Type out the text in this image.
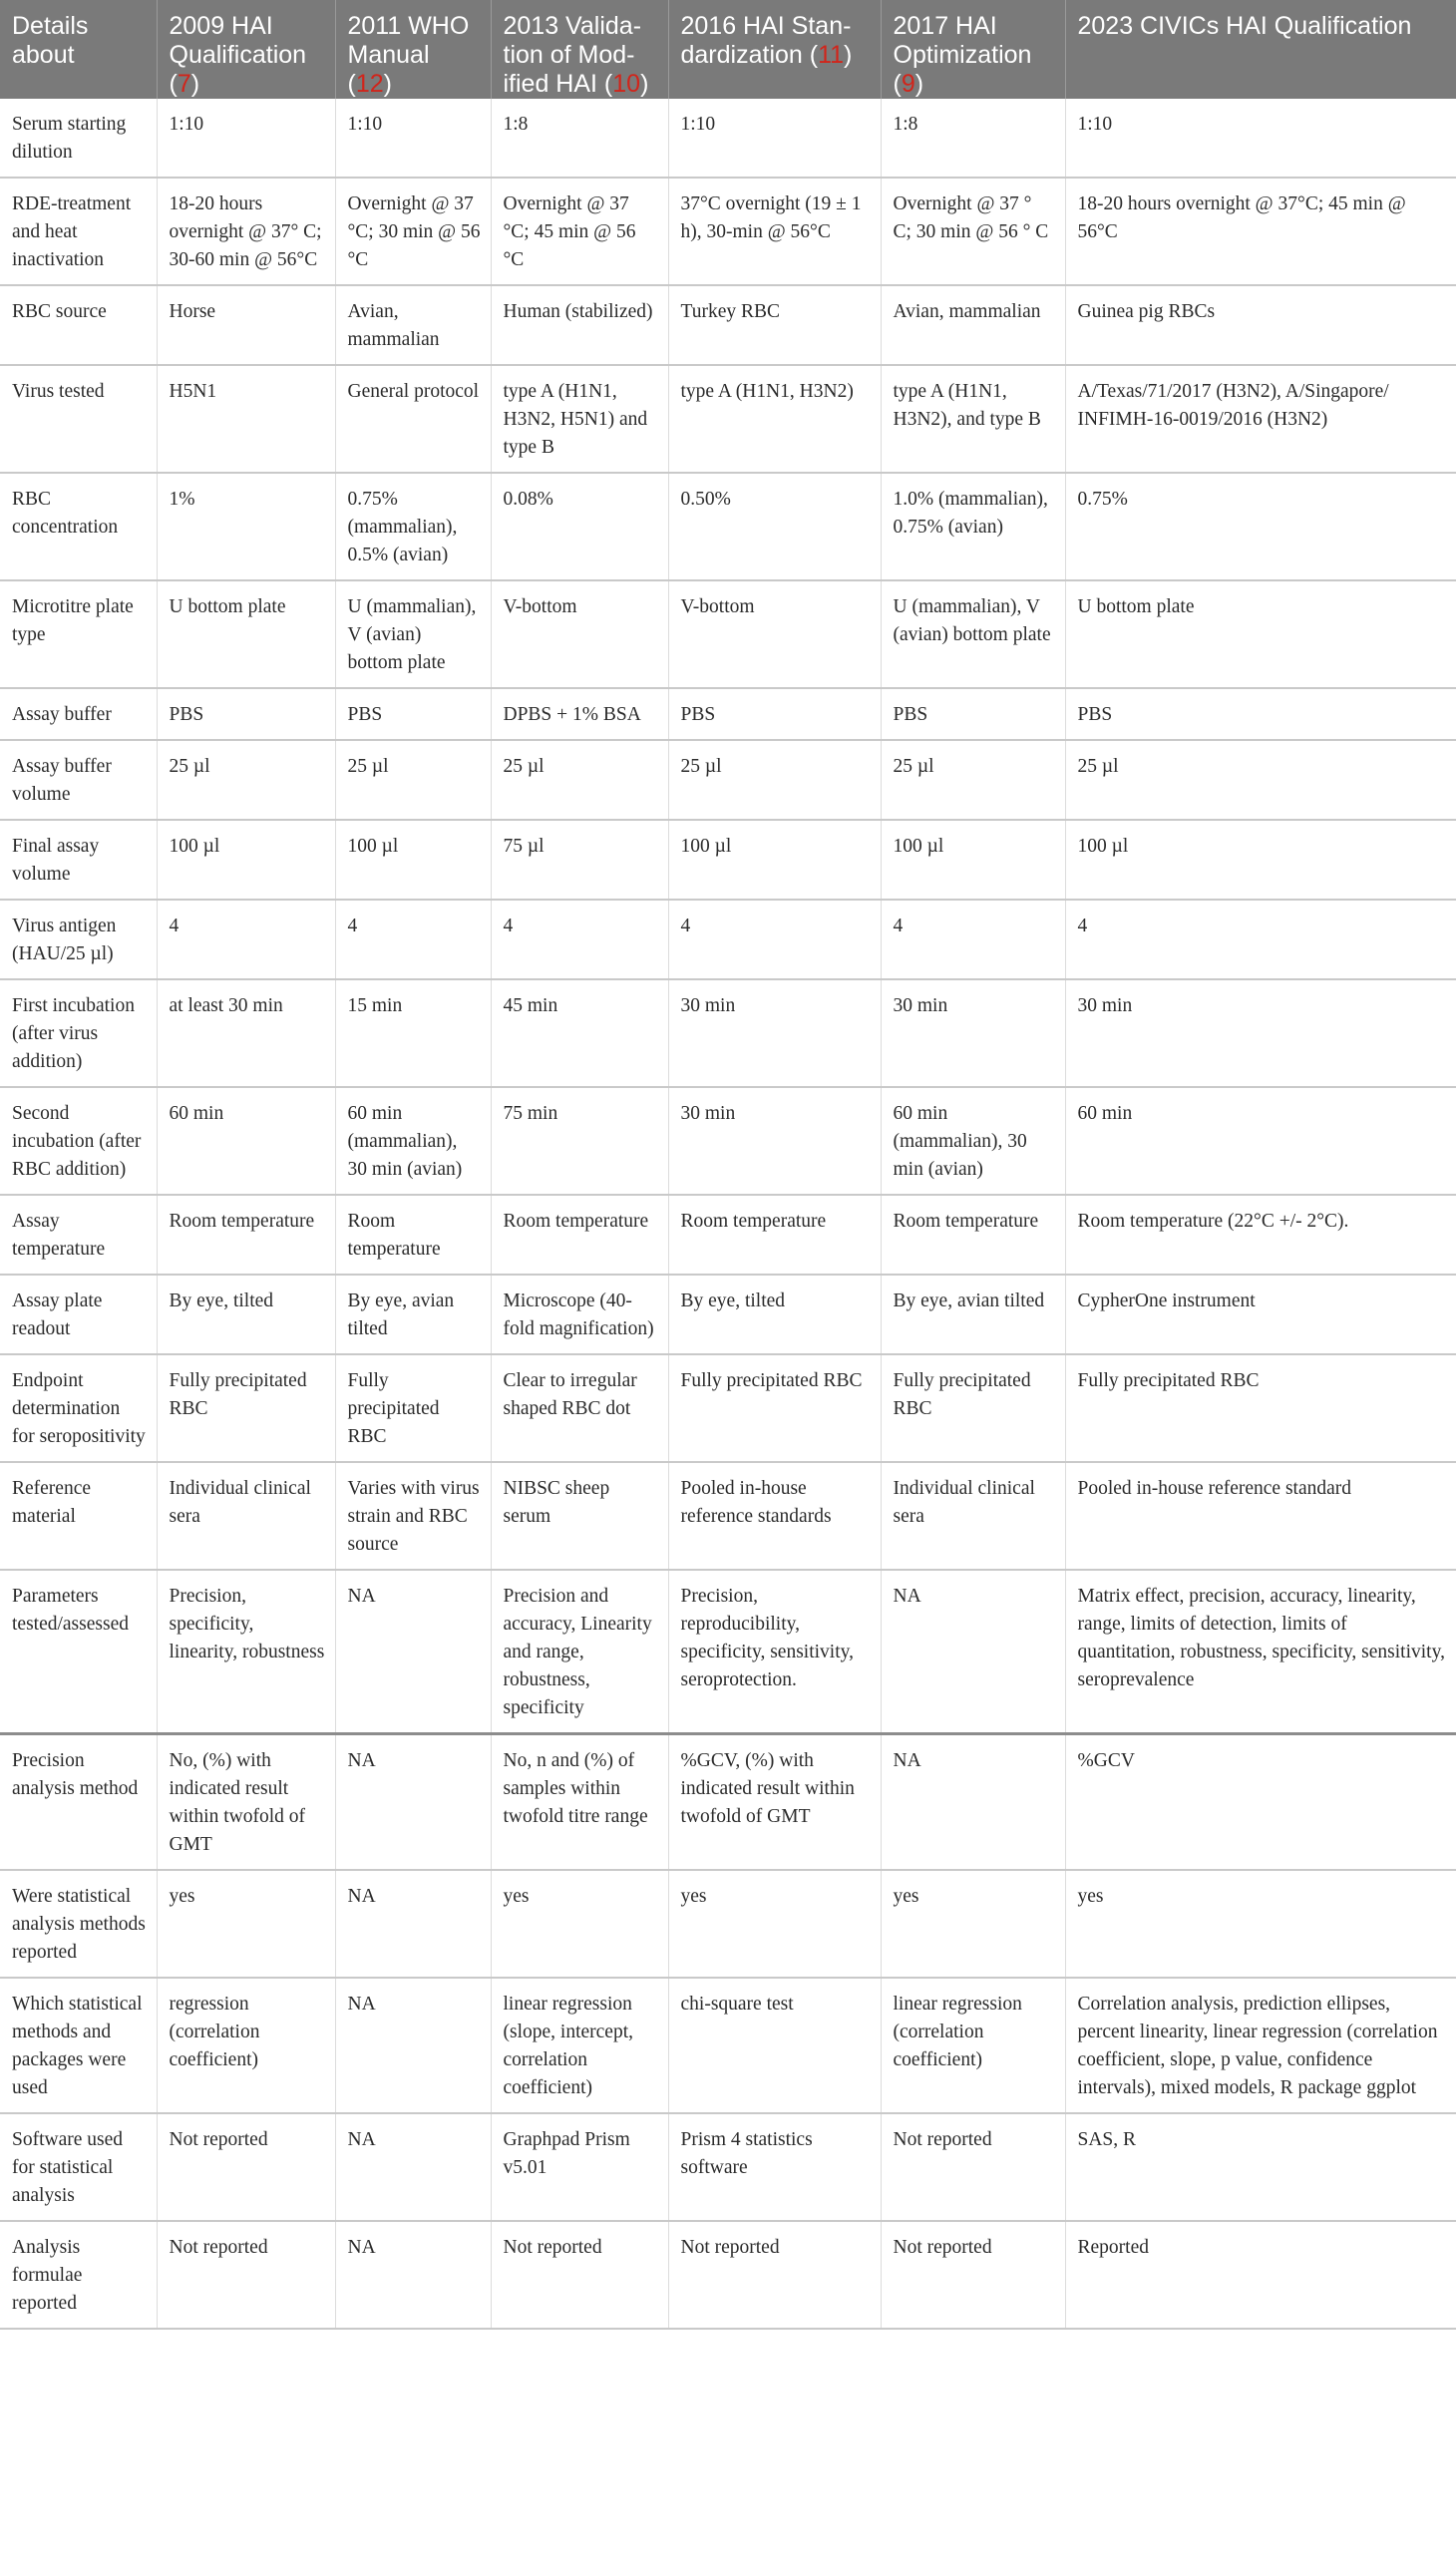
Details about	2009 HAI Qualification (7)	2011 WHO Manual (12)	2013 Valida-tion of Mod-ified HAI (10)	2016 HAI Stan-dardization (11)	2017 HAI Optimization (9)	2023 CIVICs HAI Qualification
Serum starting dilution	1:10	1:10	1:8	1:10	1:8	1:10
RDE-treatment and heat inactivation	18-20 hours overnight @ 37° C; 30-60 min @ 56°C	Overnight @ 37 °C; 30 min @ 56 °C	Overnight @ 37 °C; 45 min @ 56 °C	37°C overnight (19 ± 1 h), 30-min @ 56°C	Overnight @ 37 ° C; 30 min @ 56 ° C	18-20 hours overnight @ 37°C; 45 min @ 56°C
RBC source	Horse	Avian, mammalian	Human (stabilized)	Turkey RBC	Avian, mammalian	Guinea pig RBCs
Virus tested	H5N1	General protocol	type A (H1N1, H3N2, H5N1) and type B	type A (H1N1, H3N2)	type A (H1N1, H3N2), and type B	A/Texas/71/2017 (H3N2), A/Singapore/ INFIMH-16-0019/2016 (H3N2)
RBC concentration	1%	0.75% (mammalian), 0.5% (avian)	0.08%	0.50%	1.0% (mammalian), 0.75% (avian)	0.75%
Microtitre plate type	U bottom plate	U (mammalian), V (avian) bottom plate	V-bottom	V-bottom	U (mammalian), V (avian) bottom plate	U bottom plate
Assay buffer	PBS	PBS	DPBS + 1% BSA	PBS	PBS	PBS
Assay buffer volume	25 µl	25 µl	25 µl	25 µl	25 µl	25 µl
Final assay volume	100 µl	100 µl	75 µl	100 µl	100 µl	100 µl
Virus antigen (HAU/25 µl)	4	4	4	4	4	4
First incubation (after virus addition)	at least 30 min	15 min	45 min	30 min	30 min	30 min
Second incubation (after RBC addition)	60 min	60 min (mammalian), 30 min (avian)	75 min	30 min	60 min (mammalian), 30 min (avian)	60 min
Assay temperature	Room temperature	Room temperature	Room temperature	Room temperature	Room temperature	Room temperature (22°C +/- 2°C).
Assay plate readout	By eye, tilted	By eye, avian tilted	Microscope (40-fold magnification)	By eye, tilted	By eye, avian tilted	CypherOne instrument
Endpoint determination for seropositivity	Fully precipitated RBC	Fully precipitated RBC	Clear to irregular shaped RBC dot	Fully precipitated RBC	Fully precipitated RBC	Fully precipitated RBC
Reference material	Individual clinical sera	Varies with virus strain and RBC source	NIBSC sheep serum	Pooled in-house reference standards	Individual clinical sera	Pooled in-house reference standard
Parameters tested/assessed	Precision, specificity, linearity, robustness	NA	Precision and accuracy, Linearity and range, robustness, specificity	Precision, reproducibility, specificity, sensitivity, seroprotection.	NA	Matrix effect, precision, accuracy, linearity, range, limits of detection, limits of quantitation, robustness, specificity, sensitivity, seroprevalence
Precision analysis method	No, (%) with indicated result within twofold of GMT	NA	No, n and (%) of samples within twofold titre range	%GCV, (%) with indicated result within twofold of GMT	NA	%GCV
Were statistical analysis methods reported	yes	NA	yes	yes	yes	yes
Which statistical methods and packages were used	regression (correlation coefficient)	NA	linear regression (slope, intercept, correlation coefficient)	chi-square test	linear regression (correlation coefficient)	Correlation analysis, prediction ellipses, percent linearity, linear regression (correlation coefficient, slope, p value, confidence intervals), mixed models, R package ggplot
Software used for statistical analysis	Not reported	NA	Graphpad Prism v5.01	Prism 4 statistics software	Not reported	SAS, R
Analysis formulae reported	Not reported	NA	Not reported	Not reported	Not reported	Reported
